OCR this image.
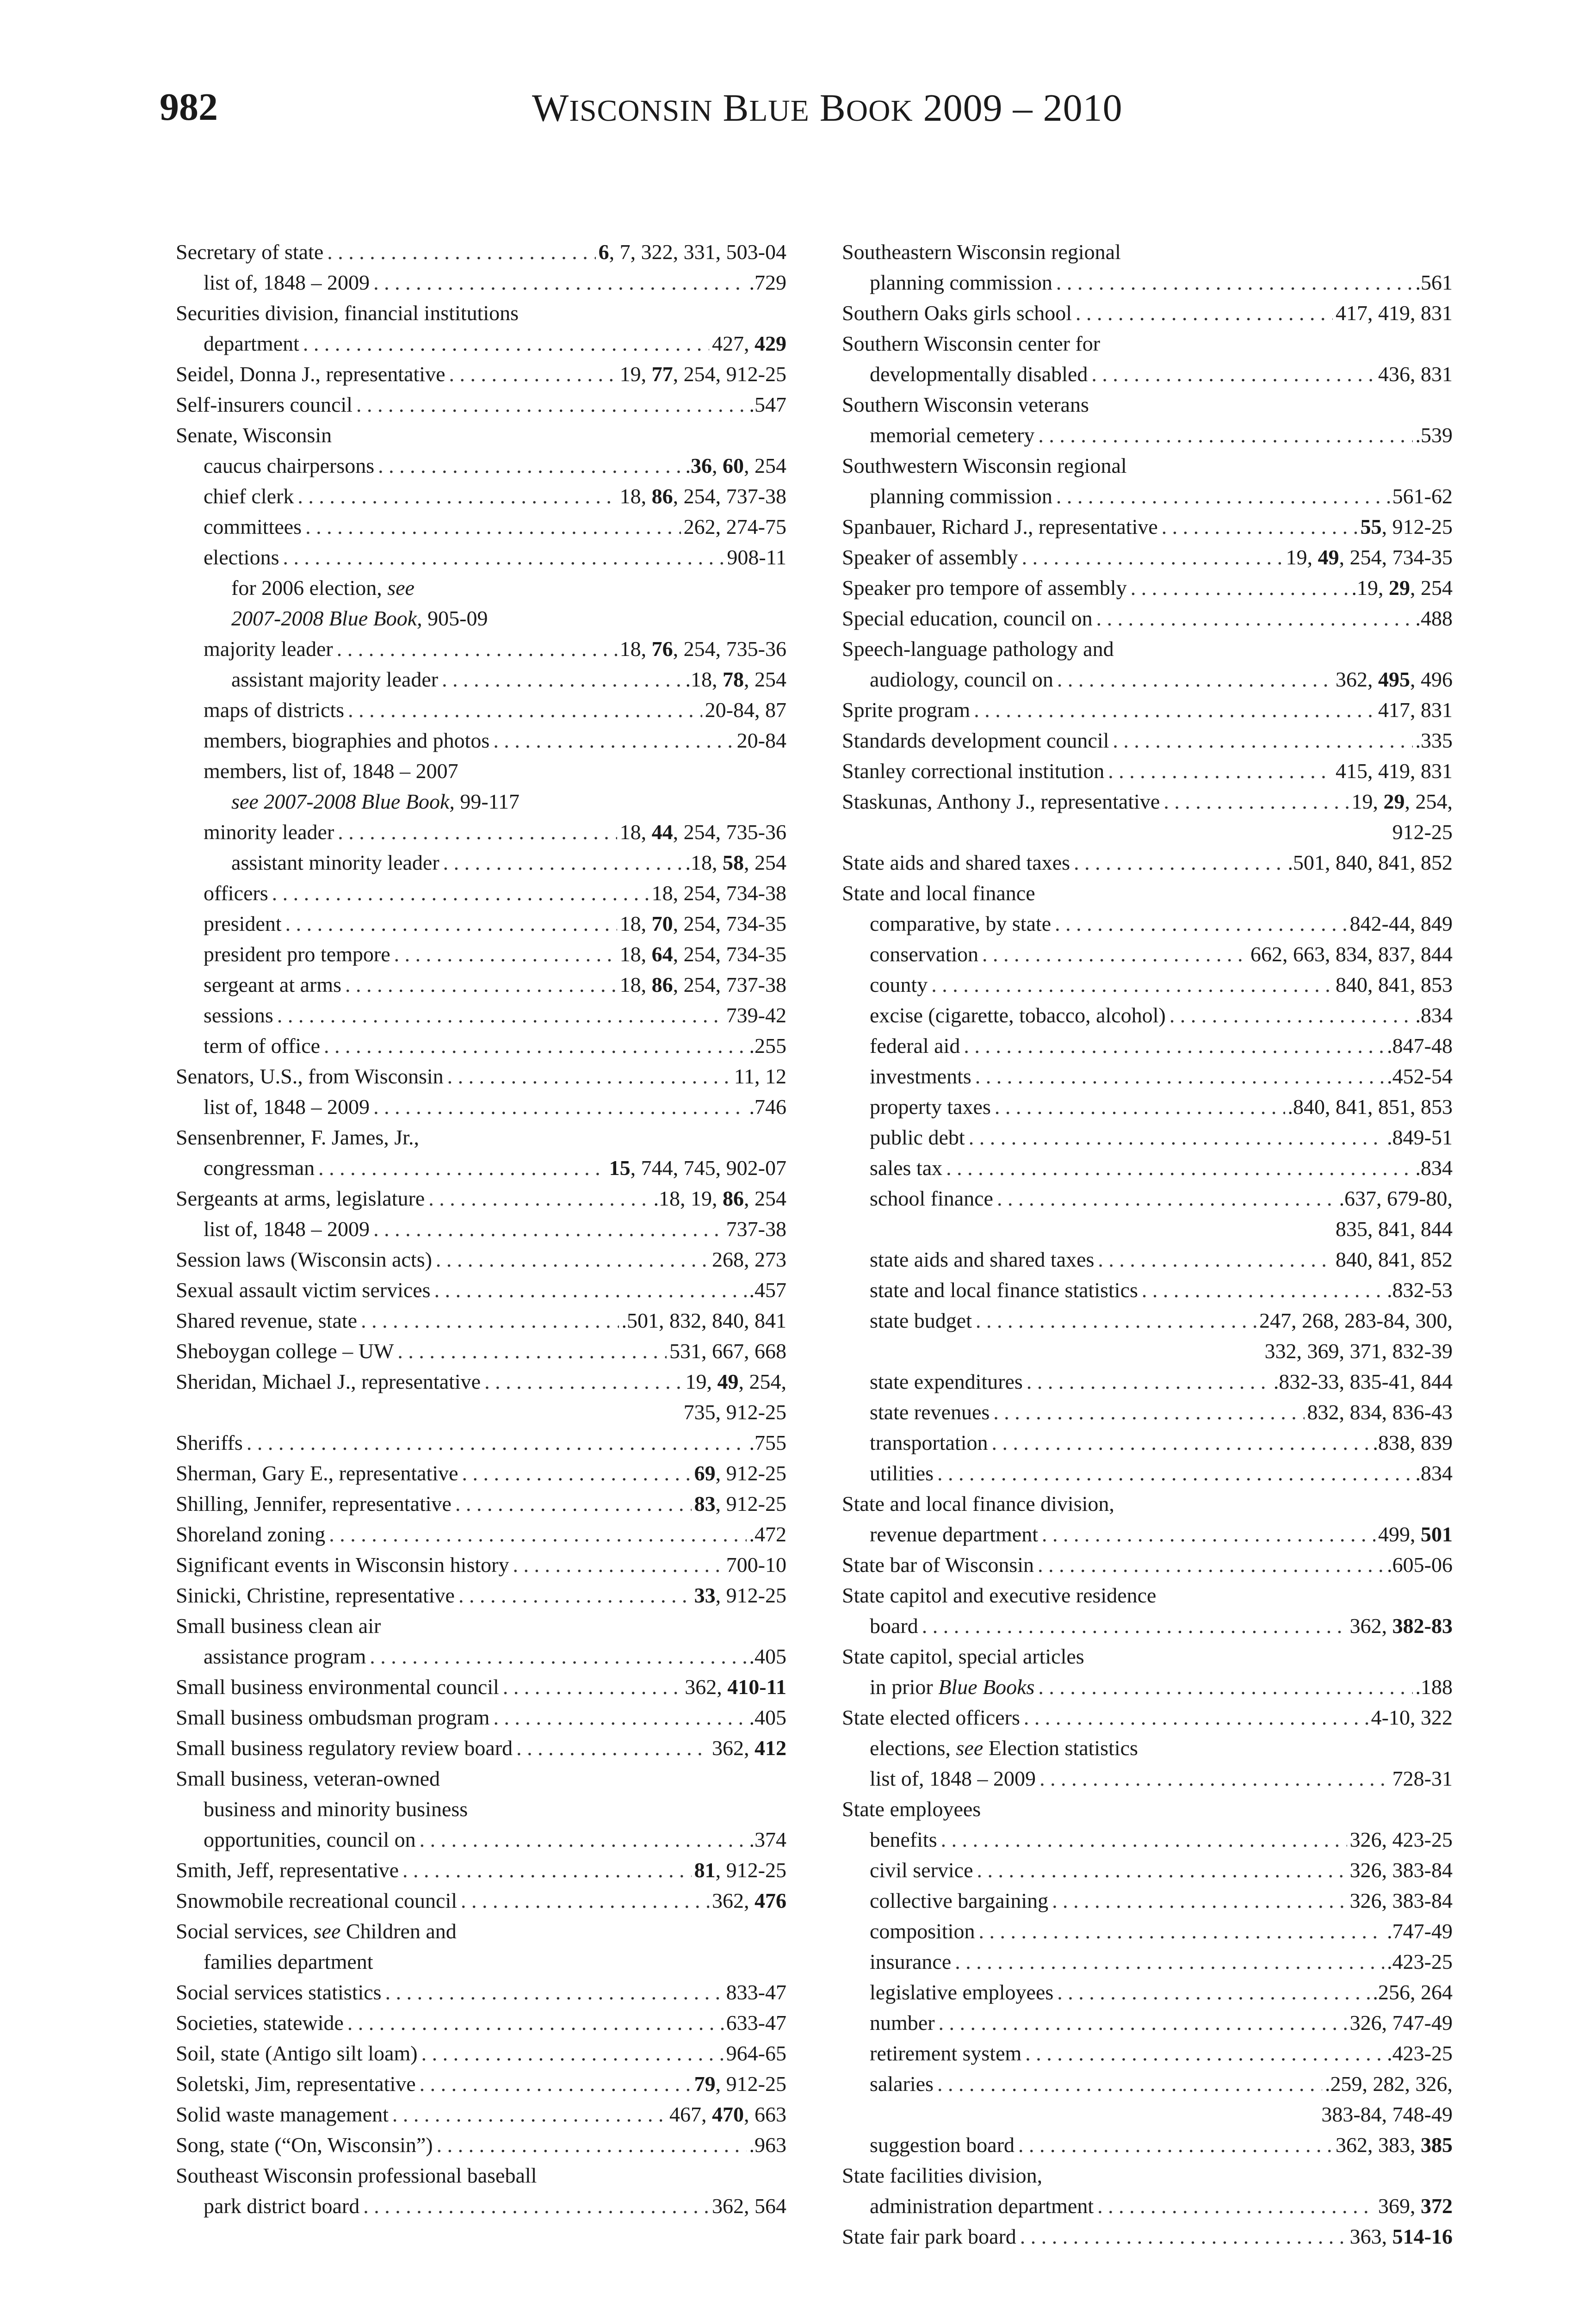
982	WISCONSIN BLUE BOOK 2009 – 2010
Secretary of state . . .	6, 7, 322, 331, 503-04
list of, 1848 – 2009 . . .	.729
Securities division, financial institutions
department . . .	427, 429
Seidel, Donna J., representative . . .	19, 77, 254, 912-25
Self-insurers council . . .	.547
Senate, Wisconsin
caucus chairpersons . . .	.36, 60, 254
chief clerk . . .	18, 86, 254, 737-38
committees . . .	262, 274-75
elections . . .	908-11
for 2006 election, see
2007-2008 Blue Book, 905-09
majority leader . . .	18, 76, 254, 735-36
assistant majority leader . . .	.18, 78, 254
maps of districts . . .	20-84, 87
members, biographies and photos . . .	20-84
members, list of, 1848 – 2007
see 2007-2008 Blue Book, 99-117
minority leader . . .	18, 44, 254, 735-36
assistant minority leader . . .	.18, 58, 254
officers . . .	18, 254, 734-38
president . . .	18, 70, 254, 734-35
president pro tempore . . .	18, 64, 254, 734-35
sergeant at arms . . .	18, 86, 254, 737-38
sessions . . .	739-42
term of office . . .	.255
Senators, U.S., from Wisconsin . . .	11, 12
list of, 1848 – 2009 . . .	.746
Sensenbrenner, F. James, Jr.,
congressman . . .	15, 744, 745, 902-07
Sergeants at arms, legislature . . .	.18, 19, 86, 254
list of, 1848 – 2009 . . .	737-38
Session laws (Wisconsin acts) . . .	268, 273
Sexual assault victim services . . .	.457
Shared revenue, state . . .	.501, 832, 840, 841
Sheboygan college – UW . . .	531, 667, 668
Sheridan, Michael J., representative . . .	19, 49, 254,
735, 912-25
Sheriffs . . .	.755
Sherman, Gary E., representative . . .	69, 912-25
Shilling, Jennifer, representative . . .	83, 912-25
Shoreland zoning . . .	.472
Significant events in Wisconsin history . . .	700-10
Sinicki, Christine, representative . . .	33, 912-25
Small business clean air
assistance program . . .	.405
Small business environmental council . . .	362, 410-11
Small business ombudsman program . . .	.405
Small business regulatory review board . . .	362, 412
Small business, veteran-owned
business and minority business
opportunities, council on . . .	.374
Smith, Jeff, representative . . .	81, 912-25
Snowmobile recreational council . . .	362, 476
Social services, see Children and
families department
Social services statistics . . .	833-47
Societies, statewide . . .	633-47
Soil, state (Antigo silt loam) . . .	964-65
Soletski, Jim, representative . . .	79, 912-25
Solid waste management . . .	467, 470, 663
Song, state (“On, Wisconsin”) . . .	.963
Southeast Wisconsin professional baseball
park district board . . .	362, 564
Southeastern Wisconsin regional
planning commission . . .	.561
Southern Oaks girls school . . .	417, 419, 831
Southern Wisconsin center for
developmentally disabled . . .	436, 831
Southern Wisconsin veterans
memorial cemetery . . .	.539
Southwestern Wisconsin regional
planning commission . . .	561-62
Spanbauer, Richard J., representative . . .	55, 912-25
Speaker of assembly . . .	19, 49, 254, 734-35
Speaker pro tempore of assembly . . .	.19, 29, 254
Special education, council on . . .	.488
Speech-language pathology and
audiology, council on . . .	362, 495, 496
Sprite program . . .	417, 831
Standards development council . . .	.335
Stanley correctional institution . . .	415, 419, 831
Staskunas, Anthony J., representative . . .	19, 29, 254,
912-25
State aids and shared taxes . . .	.501, 840, 841, 852
State and local finance
comparative, by state . . .	842-44, 849
conservation . . .	662, 663, 834, 837, 844
county . . .	840, 841, 853
excise (cigarette, tobacco, alcohol) . . .	.834
federal aid . . .	.847-48
investments . . .	.452-54
property taxes . . .	.840, 841, 851, 853
public debt . . .	.849-51
sales tax . . .	.834
school finance . . .	.637, 679-80,
835, 841, 844
state aids and shared taxes . . .	840, 841, 852
state and local finance statistics . . .	.832-53
state budget . . .	247, 268, 283-84, 300,
332, 369, 371, 832-39
state expenditures . . .	.832-33, 835-41, 844
state revenues . . .	832, 834, 836-43
transportation . . .	.838, 839
utilities . . .	.834
State and local finance division,
revenue department . . .	499, 501
State bar of Wisconsin . . .	.605-06
State capitol and executive residence
board . . .	362, 382-83
State capitol, special articles
in prior Blue Books . . .	.188
State elected officers . . .	4-10, 322
elections, see Election statistics
list of, 1848 – 2009 . . .	728-31
State employees
benefits . . .	326, 423-25
civil service . . .	326, 383-84
collective bargaining . . .	326, 383-84
composition . . .	.747-49
insurance . . .	.423-25
legislative employees . . .	.256, 264
number . . .	326, 747-49
retirement system . . .	.423-25
salaries . . .	.259, 282, 326,
383-84, 748-49
suggestion board . . .	362, 383, 385
State facilities division,
administration department . . .	369, 372
State fair park board . . .	363, 514-16
